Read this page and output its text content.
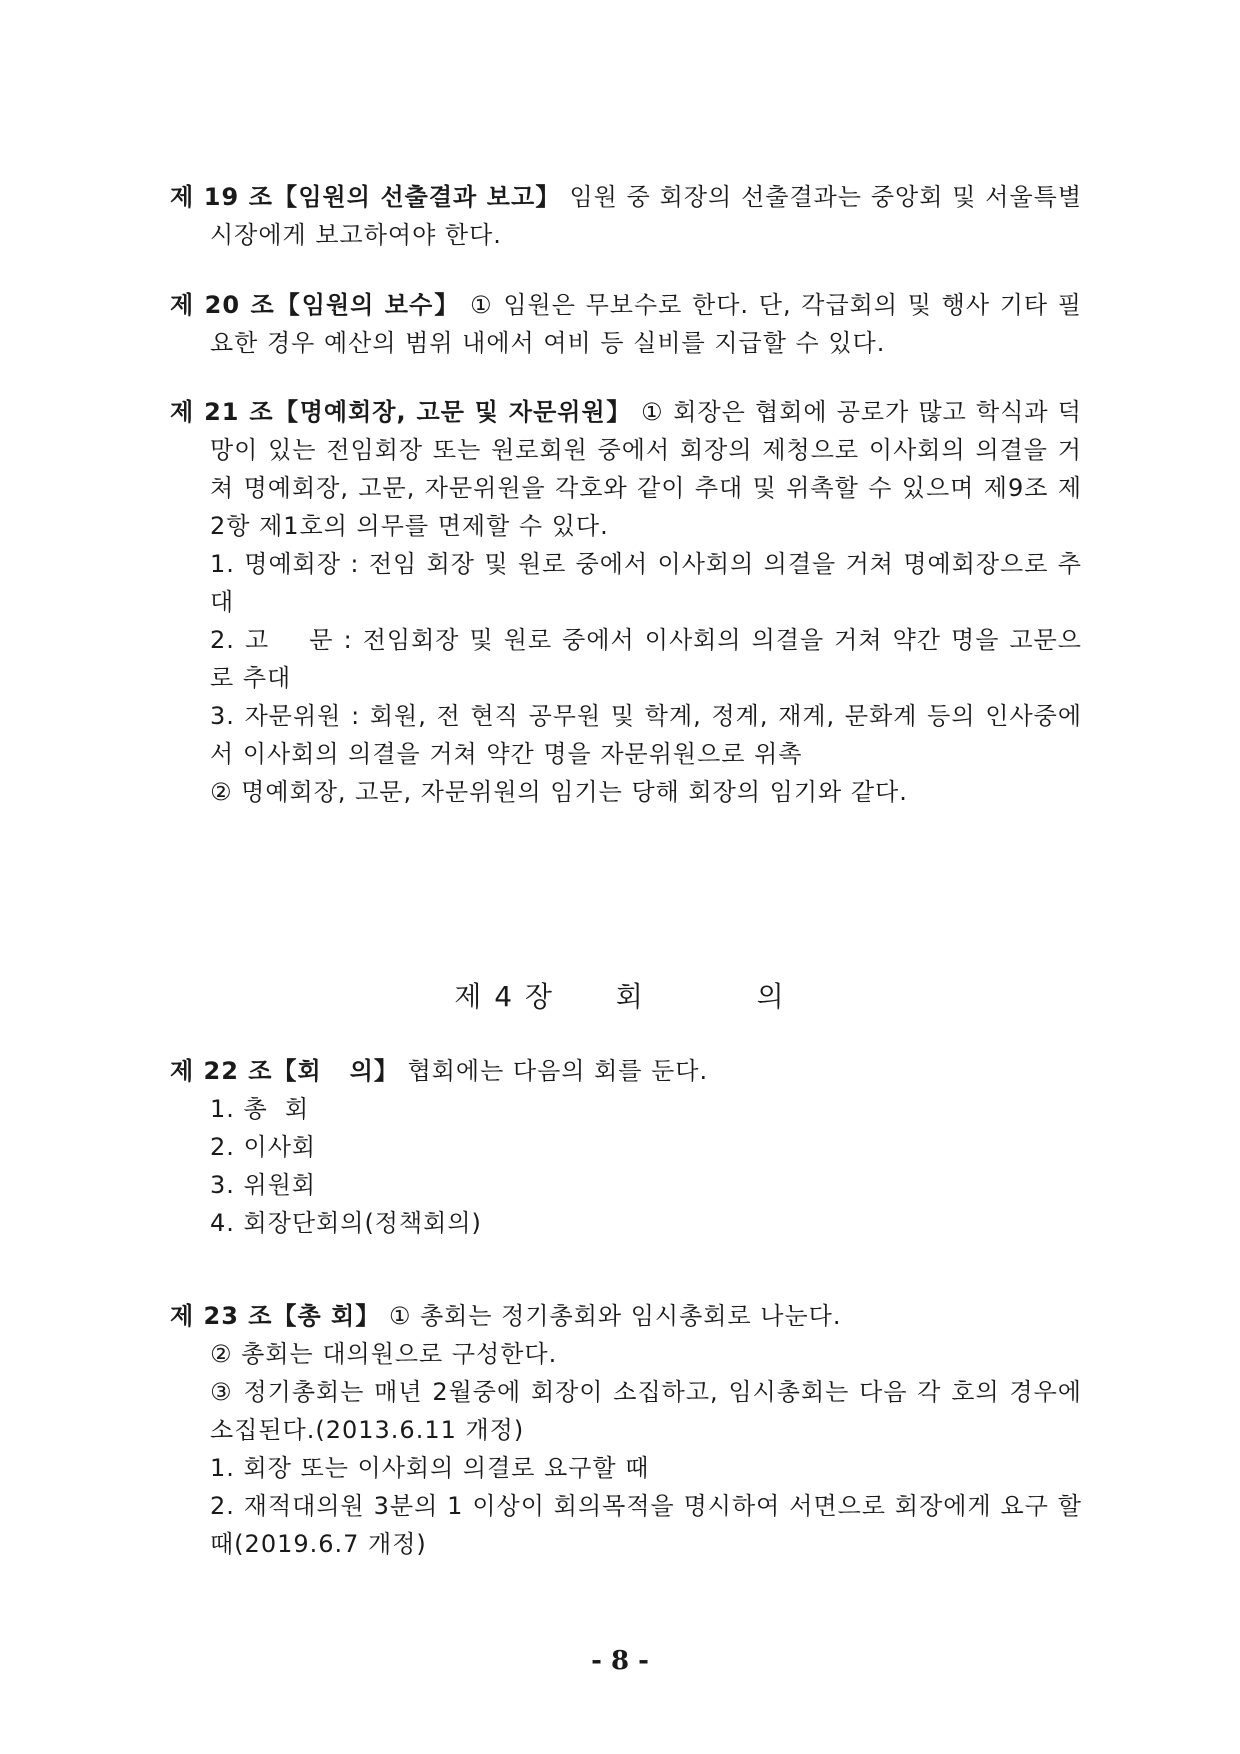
제 19 조【임원의 선출결과 보고】 임원 중 회장의 선출결과는 중앙회 및 서울특별시장에게 보고하여야 한다.

제 20 조【임원의 보수】 ① 임원은 무보수로 한다. 단, 각급회의 및 행사 기타 필요한 경우 예산의 범위 내에서 여비 등 실비를 지급할 수 있다.

제 21 조【명예회장, 고문 및 자문위원】 ① 회장은 협회에 공로가 많고 학식과 덕망이 있는 전임회장 또는 원로회원 중에서 회장의 제청으로 이사회의 의결을 거쳐 명예회장, 고문, 자문위원을 각호와 같이 추대 및 위촉할 수 있으며 제9조 제2항 제1호의 의무를 면제할 수 있다.

1. 명예회장 : 전임 회장 및 원로 중에서 이사회의 의결을 거쳐 명예회장으로 추대

2. 고    문 : 전임회장 및 원로 중에서 이사회의 의결을 거쳐 약간 명을 고문으로 추대

3. 자문위원 : 회원, 전 현직 공무원 및 학계, 정계, 재계, 문화계 등의 인사중에서 이사회의 의결을 거쳐 약간 명을 자문위원으로 위촉

② 명예회장, 고문, 자문위원의 임기는 당해 회장의 임기와 같다.

제 4 장 회	의

제 22 조【회   의】 협회에는 다음의 회를 둔다.

1. 총  회

2. 이사회

3. 위원회

4. 회장단회의(정책회의)

제 23 조【총 회】 ① 총회는 정기총회와 임시총회로 나눈다.

② 총회는 대의원으로 구성한다.

③ 정기총회는 매년 2월중에 회장이 소집하고, 임시총회는 다음 각 호의 경우에 소집된다.(2013.6.11 개정)

1. 회장 또는 이사회의 의결로 요구할 때

2. 재적대의원 3분의 1 이상이 회의목적을 명시하여 서면으로 회장에게 요구 할 때(2019.6.7 개정)

- 8 -
